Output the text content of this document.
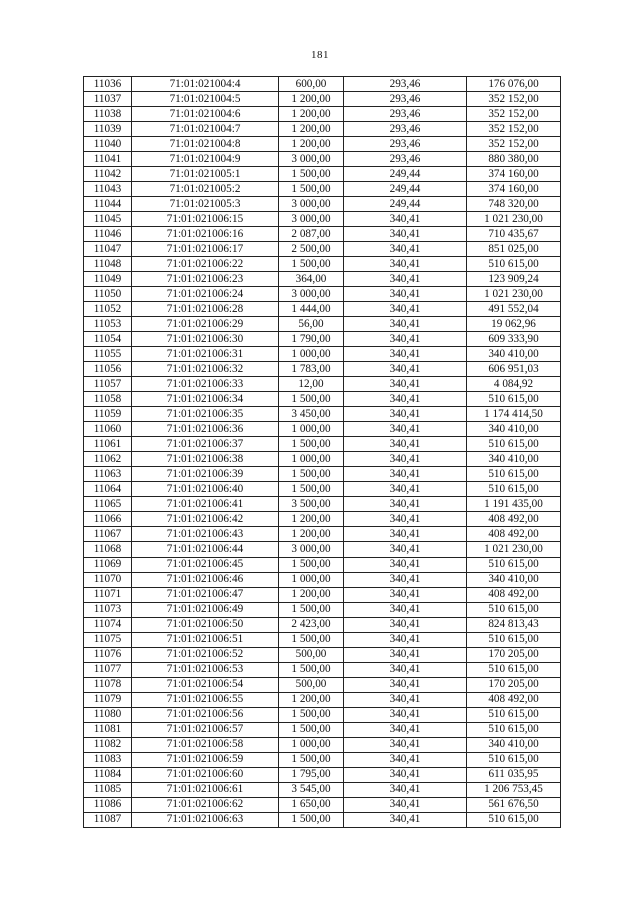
181
11036	71:01:021004:4	600,00	293,46	176 076,00
11037	71:01:021004:5	1 200,00	293,46	352 152,00
11038	71:01:021004:6	1 200,00	293,46	352 152,00
11039	71:01:021004:7	1 200,00	293,46	352 152,00
11040	71:01:021004:8	1 200,00	293,46	352 152,00
11041	71:01:021004:9	3 000,00	293,46	880 380,00
11042	71:01:021005:1	1 500,00	249,44	374 160,00
11043	71:01:021005:2	1 500,00	249,44	374 160,00
11044	71:01:021005:3	3 000,00	249,44	748 320,00
11045	71:01:021006:15	3 000,00	340,41	1 021 230,00
11046	71:01:021006:16	2 087,00	340,41	710 435,67
11047	71:01:021006:17	2 500,00	340,41	851 025,00
11048	71:01:021006:22	1 500,00	340,41	510 615,00
11049	71:01:021006:23	364,00	340,41	123 909,24
11050	71:01:021006:24	3 000,00	340,41	1 021 230,00
11052	71:01:021006:28	1 444,00	340,41	491 552,04
11053	71:01:021006:29	56,00	340,41	19 062,96
11054	71:01:021006:30	1 790,00	340,41	609 333,90
11055	71:01:021006:31	1 000,00	340,41	340 410,00
11056	71:01:021006:32	1 783,00	340,41	606 951,03
11057	71:01:021006:33	12,00	340,41	4 084,92
11058	71:01:021006:34	1 500,00	340,41	510 615,00
11059	71:01:021006:35	3 450,00	340,41	1 174 414,50
11060	71:01:021006:36	1 000,00	340,41	340 410,00
11061	71:01:021006:37	1 500,00	340,41	510 615,00
11062	71:01:021006:38	1 000,00	340,41	340 410,00
11063	71:01:021006:39	1 500,00	340,41	510 615,00
11064	71:01:021006:40	1 500,00	340,41	510 615,00
11065	71:01:021006:41	3 500,00	340,41	1 191 435,00
11066	71:01:021006:42	1 200,00	340,41	408 492,00
11067	71:01:021006:43	1 200,00	340,41	408 492,00
11068	71:01:021006:44	3 000,00	340,41	1 021 230,00
11069	71:01:021006:45	1 500,00	340,41	510 615,00
11070	71:01:021006:46	1 000,00	340,41	340 410,00
11071	71:01:021006:47	1 200,00	340,41	408 492,00
11073	71:01:021006:49	1 500,00	340,41	510 615,00
11074	71:01:021006:50	2 423,00	340,41	824 813,43
11075	71:01:021006:51	1 500,00	340,41	510 615,00
11076	71:01:021006:52	500,00	340,41	170 205,00
11077	71:01:021006:53	1 500,00	340,41	510 615,00
11078	71:01:021006:54	500,00	340,41	170 205,00
11079	71:01:021006:55	1 200,00	340,41	408 492,00
11080	71:01:021006:56	1 500,00	340,41	510 615,00
11081	71:01:021006:57	1 500,00	340,41	510 615,00
11082	71:01:021006:58	1 000,00	340,41	340 410,00
11083	71:01:021006:59	1 500,00	340,41	510 615,00
11084	71:01:021006:60	1 795,00	340,41	611 035,95
11085	71:01:021006:61	3 545,00	340,41	1 206 753,45
11086	71:01:021006:62	1 650,00	340,41	561 676,50
11087	71:01:021006:63	1 500,00	340,41	510 615,00
